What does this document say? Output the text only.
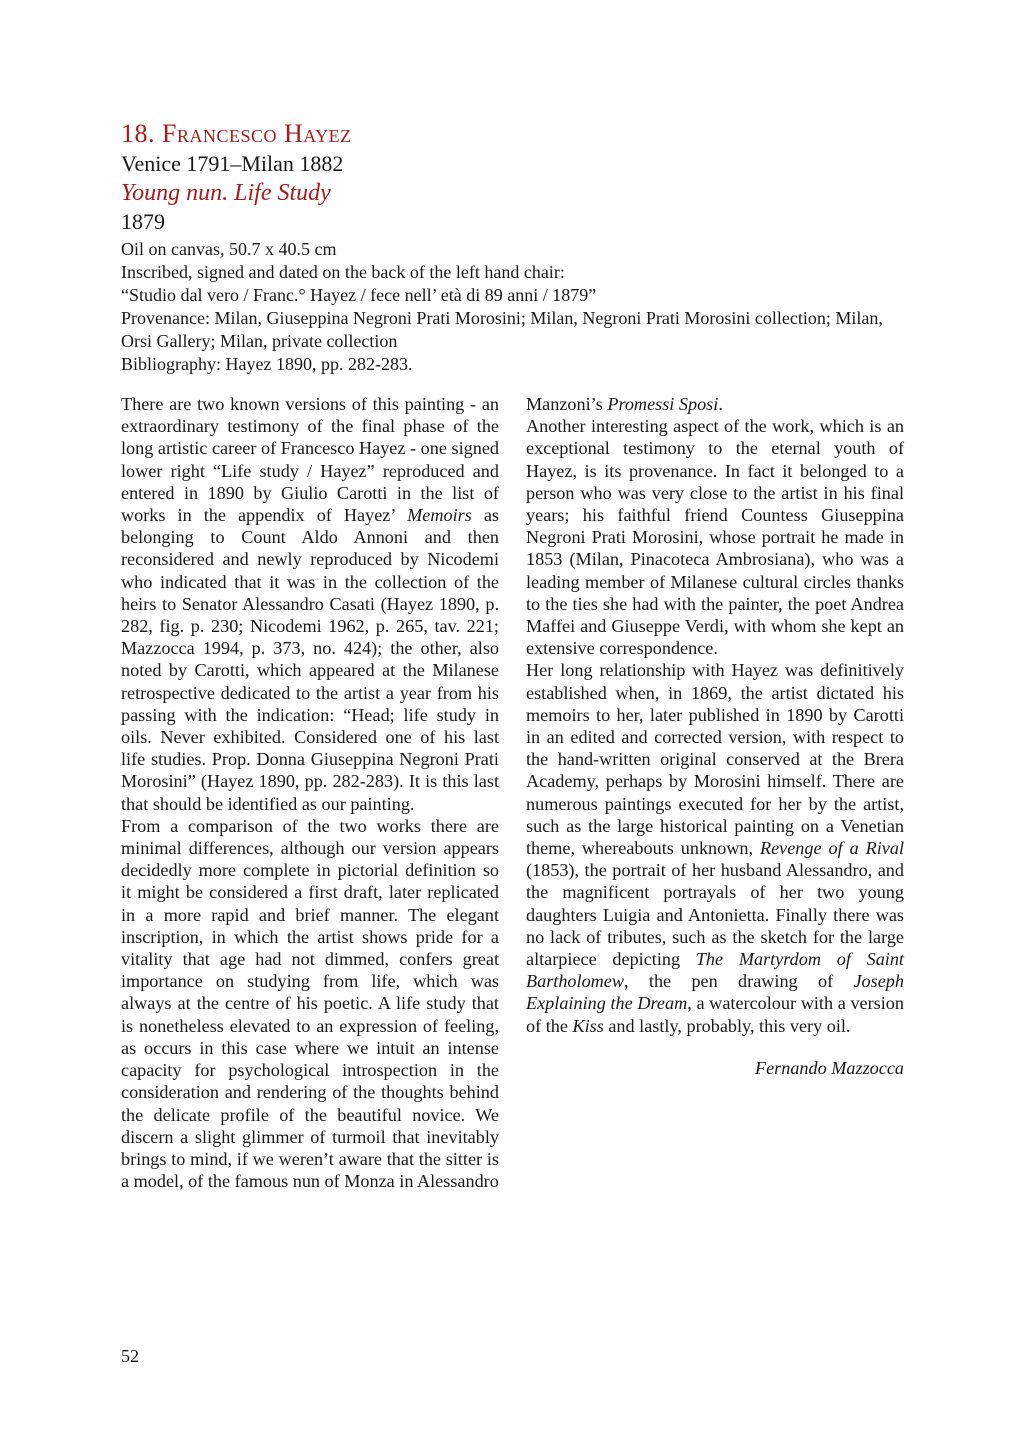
18. Francesco Hayez

Venice 1791–Milan 1882

Young nun. Life Study

1879

Oil on canvas, 50.7 x 40.5 cm

Inscribed, signed and dated on the back of the left hand chair:

“Studio dal vero / Franc.° Hayez / fece nell’ età di 89 anni / 1879”

Provenance: Milan, Giuseppina Negroni Prati Morosini; Milan, Negroni Prati Morosini collection; Milan, Orsi Gallery; Milan, private collection

Bibliography: Hayez 1890, pp. 282-283.

There are two known versions of this painting - an extraordinary testimony of the final phase of the long artistic career of Francesco Hayez - one signed lower right “Life study / Hayez” reproduced and entered in 1890 by Giulio Carotti in the list of works in the appendix of Hayez’ Memoirs as belonging to Count Aldo Annoni and then reconsidered and newly reproduced by Nicodemi who indicated that it was in the collection of the heirs to Senator Alessandro Casati (Hayez 1890, p. 282, fig. p. 230; Nicodemi 1962, p. 265, tav. 221; Mazzocca 1994, p. 373, no. 424); the other, also noted by Carotti, which appeared at the Milanese retrospective dedicated to the artist a year from his passing with the indication: “Head; life study in oils. Never exhibited. Considered one of his last life studies. Prop. Donna Giuseppina Negroni Prati Morosini” (Hayez 1890, pp. 282-283). It is this last that should be identified as our painting.

From a comparison of the two works there are minimal differences, although our version appears decidedly more complete in pictorial definition so it might be considered a first draft, later replicated in a more rapid and brief manner. The elegant inscription, in which the artist shows pride for a vitality that age had not dimmed, confers great importance on studying from life, which was always at the centre of his poetic. A life study that is nonetheless elevated to an expression of feeling, as occurs in this case where we intuit an intense capacity for psychological introspection in the consideration and rendering of the thoughts behind the delicate profile of the beautiful novice. We discern a slight glimmer of turmoil that inevitably brings to mind, if we weren’t aware that the sitter is a model, of the famous nun of Monza in Alessandro

Manzoni’s Promessi Sposi.

Another interesting aspect of the work, which is an exceptional testimony to the eternal youth of Hayez, is its provenance. In fact it belonged to a person who was very close to the artist in his final years; his faithful friend Countess Giuseppina Negroni Prati Morosini, whose portrait he made in 1853 (Milan, Pinacoteca Ambrosiana), who was a leading member of Milanese cultural circles thanks to the ties she had with the painter, the poet Andrea Maffei and Giuseppe Verdi, with whom she kept an extensive correspondence.

Her long relationship with Hayez was definitively established when, in 1869, the artist dictated his memoirs to her, later published in 1890 by Carotti in an edited and corrected version, with respect to the hand-written original conserved at the Brera Academy, perhaps by Morosini himself. There are numerous paintings executed for her by the artist, such as the large historical painting on a Venetian theme, whereabouts unknown, Revenge of a Rival (1853), the portrait of her husband Alessandro, and the magnificent portrayals of her two young daughters Luigia and Antonietta. Finally there was no lack of tributes, such as the sketch for the large altarpiece depicting The Martyrdom of Saint Bartholomew, the pen drawing of Joseph Explaining the Dream, a watercolour with a version of the Kiss and lastly, probably, this very oil.

Fernando Mazzocca

52
